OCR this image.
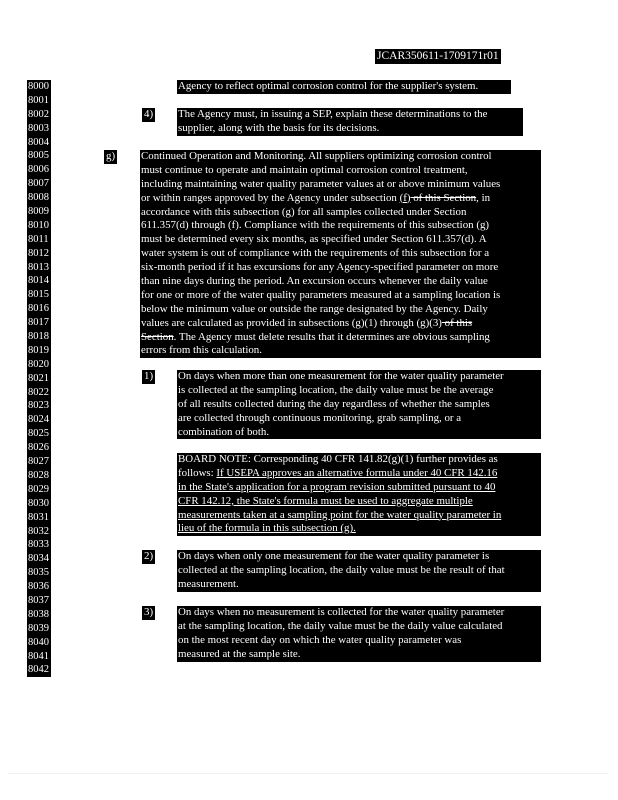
JCAR350611-1709171r01
8000
8001
8002
8003
8004
8005
8006
8007
8008
8009
8010
8011
8012
8013
8014
8015
8016
8017
8018
8019
8020
8021
8022
8023
8024
8025
8026
8027
8028
8029
8030
8031
8032
8033
8034
8035
8036
8037
8038
8039
8040
8041
8042
Agency to reflect optimal corrosion control for the supplier's system.
4) The Agency must, in issuing a SEP, explain these determinations to the
supplier, along with the basis for its decisions.
g) Continued Operation and Monitoring. All suppliers optimizing corrosion control
must continue to operate and maintain optimal corrosion control treatment,
including maintaining water quality parameter values at or above minimum values
or within ranges approved by the Agency under subsection (f) of this Section, in
accordance with this subsection (g) for all samples collected under Section
611.357(d) through (f). Compliance with the requirements of this subsection (g)
must be determined every six months, as specified under Section 611.357(d). A
water system is out of compliance with the requirements of this subsection for a
six-month period if it has excursions for any Agency-specified parameter on more
than nine days during the period. An excursion occurs whenever the daily value
for one or more of the water quality parameters measured at a sampling location is
below the minimum value or outside the range designated by the Agency. Daily
values are calculated as provided in subsections (g)(1) through (g)(3) of this
Section. The Agency must delete results that it determines are obvious sampling
errors from this calculation.
1) On days when more than one measurement for the water quality parameter
is collected at the sampling location, the daily value must be the average
of all results collected during the day regardless of whether the samples
are collected through continuous monitoring, grab sampling, or a
combination of both.
BOARD NOTE: Corresponding 40 CFR 141.82(g)(1) further provides as
follows: If USEPA approves an alternative formula under 40 CFR 142.16
in the State's application for a program revision submitted pursuant to 40
CFR 142.12, the State's formula must be used to aggregate multiple
measurements taken at a sampling point for the water quality parameter in
lieu of the formula in this subsection (g).
2) On days when only one measurement for the water quality parameter is
collected at the sampling location, the daily value must be the result of that
measurement.
3) On days when no measurement is collected for the water quality parameter
at the sampling location, the daily value must be the daily value calculated
on the most recent day on which the water quality parameter was
measured at the sample site.
